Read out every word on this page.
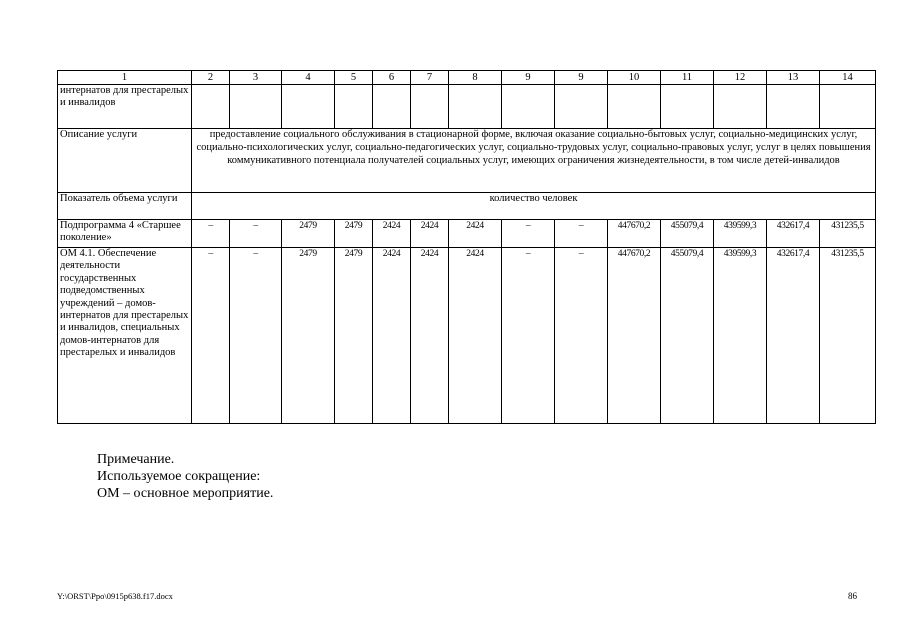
1	2	3	4	5	6	7	8	9	9	10	11	12	13	14
интернатов для престарелых и инвалидов														
Описание услуги	предоставление социального обслуживания в стационарной форме, включая оказание социально-бытовых услуг, социально-медицинских услуг, социально-психологических услуг, социально-педагогических услуг, социально-трудовых услуг, социально-правовых услуг, услуг в целях повышения коммуникативного потенциала получателей социальных услуг, имеющих ограничения жизнедеятельности, в том числе детей-инвалидов													
Показатель объема услуги	количество человек													
Подпрограмма 4 «Старшее поколение»	–	–	2479	2479	2424	2424	2424	–	–	447670,2	455079,4	439599,3	432617,4	431235,5
ОМ 4.1. Обеспечение деятельности государственных подведомственных учреждений – домов-интернатов для престарелых и инвалидов, специальных домов-интернатов для престарелых и инвалидов	–	–	2479	2479	2424	2424	2424	–	–	447670,2	455079,4	439599,3	432617,4	431235,5
Примечание.
Используемое сокращение:
ОМ – основное мероприятие.
Y:\ORST\Ppo\0915p638.f17.docx	86
